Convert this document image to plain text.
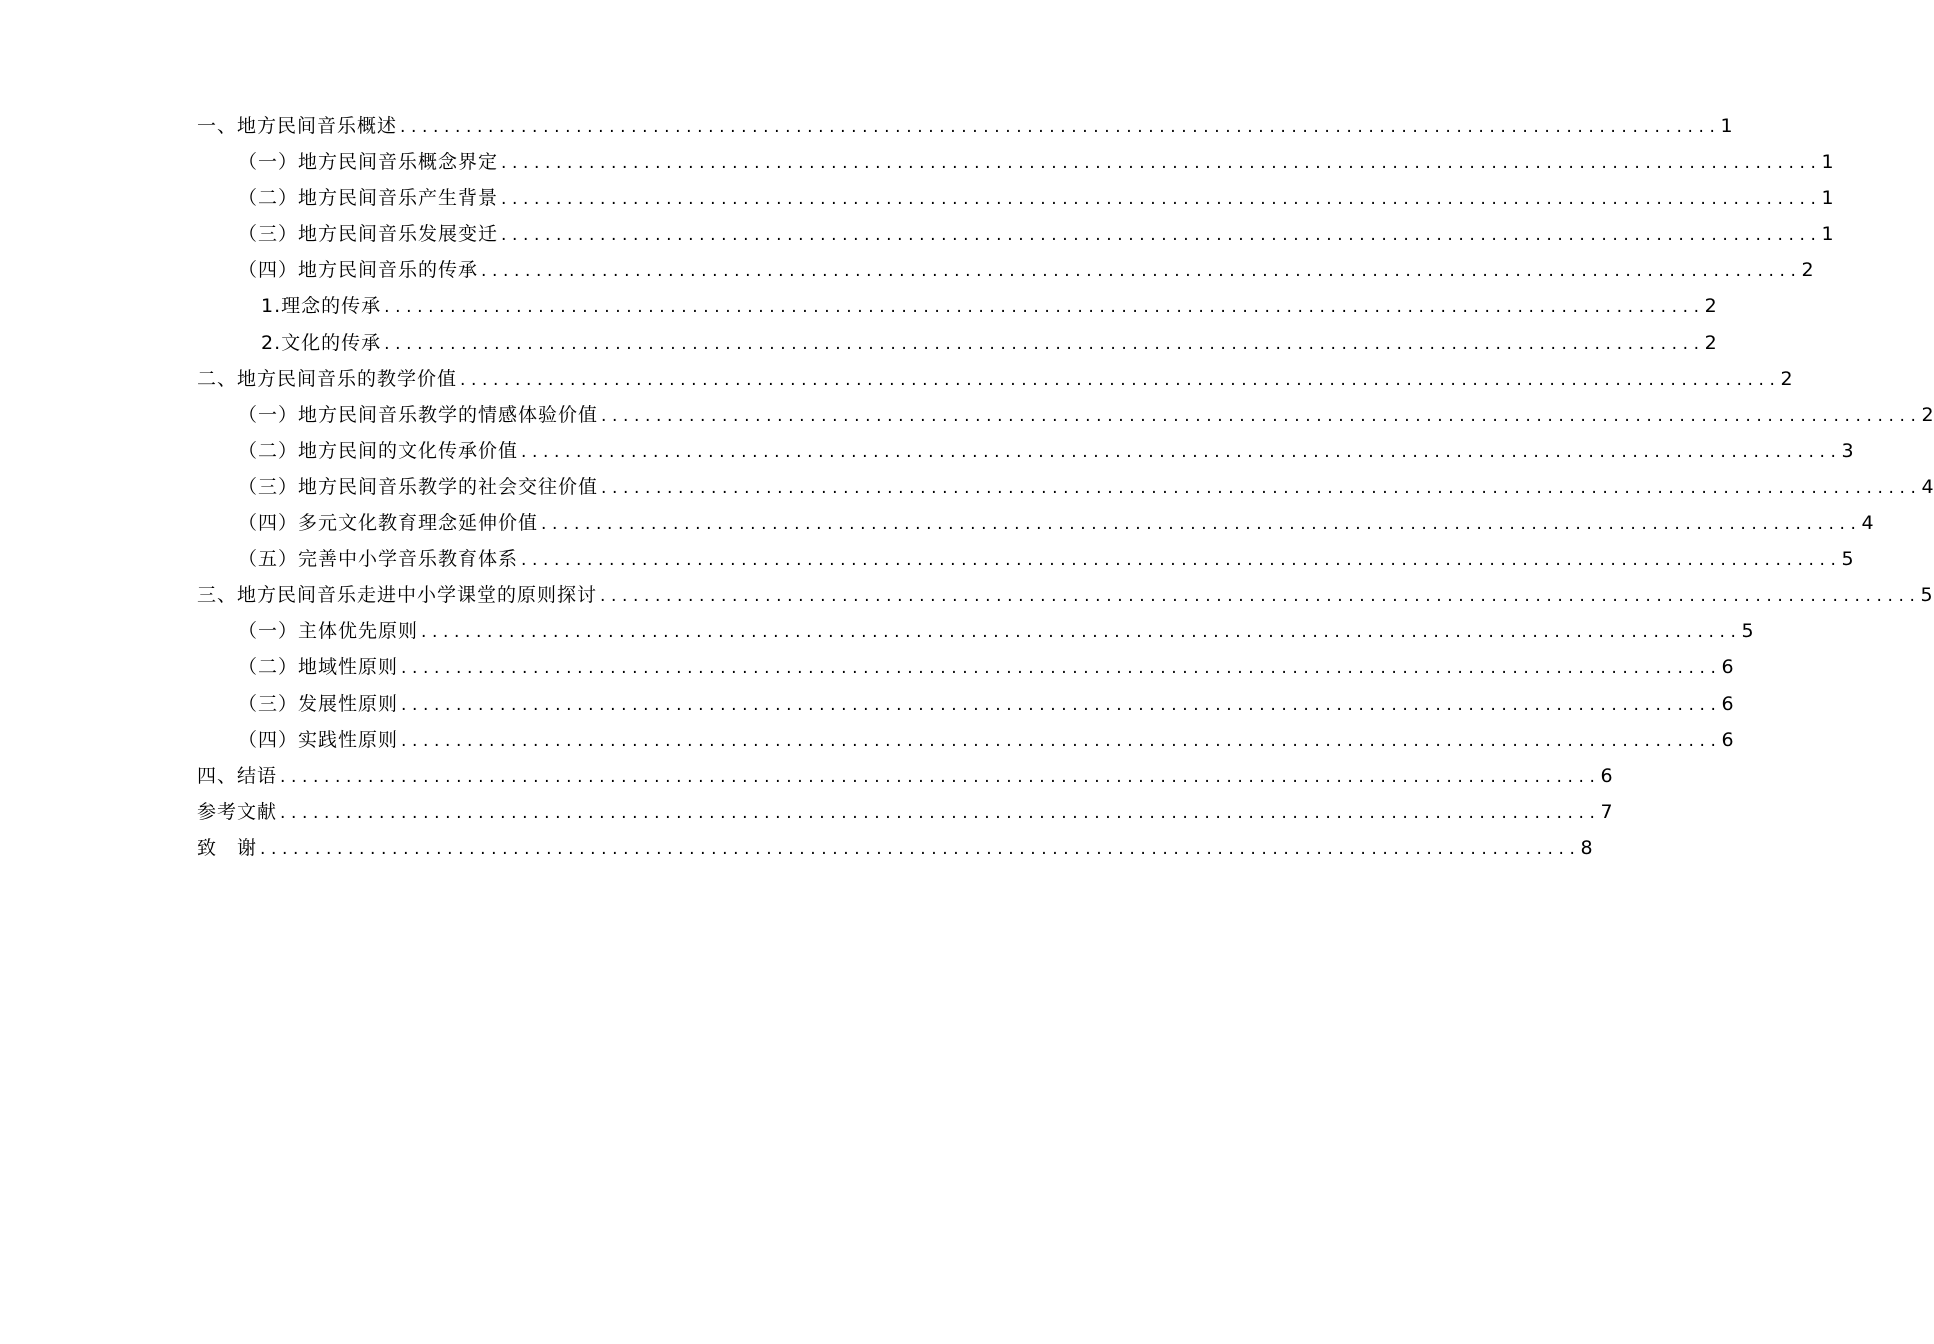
一、地方民间音乐概述 ........................................................................................................................ 1
（一）地方民间音乐概念界定 ........................................................................................................................ 1
（二）地方民间音乐产生背景 ........................................................................................................................ 1
（三）地方民间音乐发展变迁 ........................................................................................................................ 1
（四）地方民间音乐的传承 ........................................................................................................................ 2
1.理念的传承 ........................................................................................................................ 2
2.文化的传承 ........................................................................................................................ 2
二、地方民间音乐的教学价值 ........................................................................................................................ 2
（一）地方民间音乐教学的情感体验价值 ........................................................................................................................ 2
（二）地方民间的文化传承价值 ........................................................................................................................ 3
（三）地方民间音乐教学的社会交往价值 ........................................................................................................................ 4
（四）多元文化教育理念延伸价值 ........................................................................................................................ 4
（五）完善中小学音乐教育体系 ........................................................................................................................ 5
三、地方民间音乐走进中小学课堂的原则探讨 ........................................................................................................................ 5
（一）主体优先原则 ........................................................................................................................ 5
（二）地域性原则 ........................................................................................................................ 6
（三）发展性原则 ........................................................................................................................ 6
（四）实践性原则 ........................................................................................................................ 6
四、结语 ........................................................................................................................ 6
参考文献 ........................................................................................................................ 7
致　谢 ........................................................................................................................ 8
